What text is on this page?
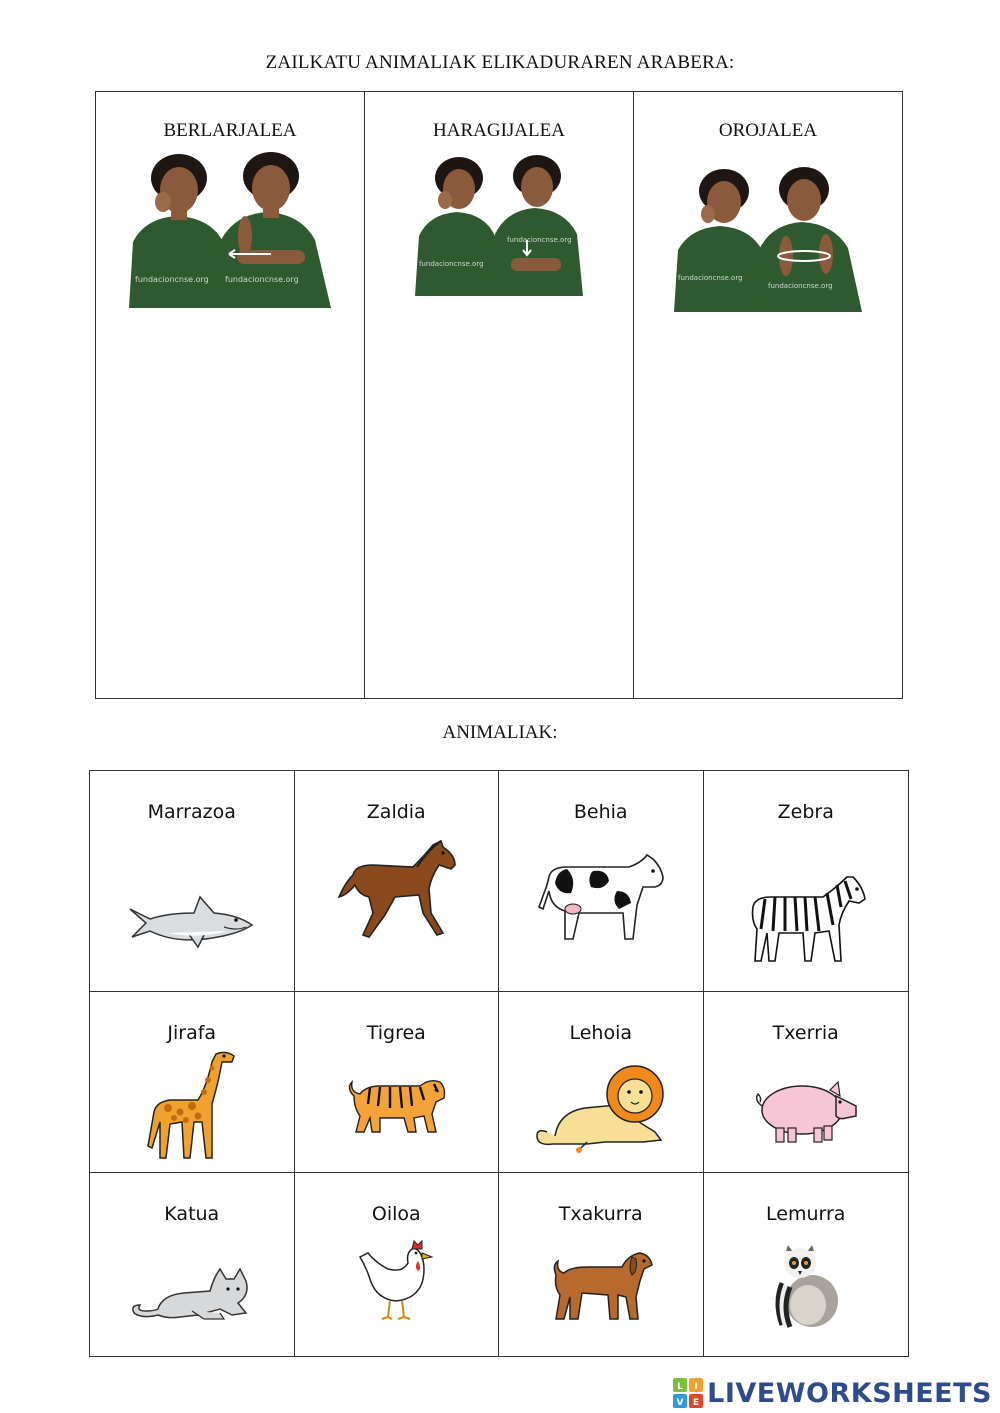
ZAILKATU ANIMALIAK ELIKADURAREN ARABERA:
BERLARJALEA
fundacioncnse.org fundacioncnse.org
HARAGIJALEA
fundacioncnse.org
fundacioncnse.org
OROJALEA
fundacioncnse.org
fundacioncnse.org
ANIMALIAK:
Marrazoa	Zaldia	Behia	Zebra
Jirafa	Tigrea	Lehoia	Txerria
Katua	Oiloa	Txakurra	Lemurra
L I
V E LIVEWORKSHEETS
